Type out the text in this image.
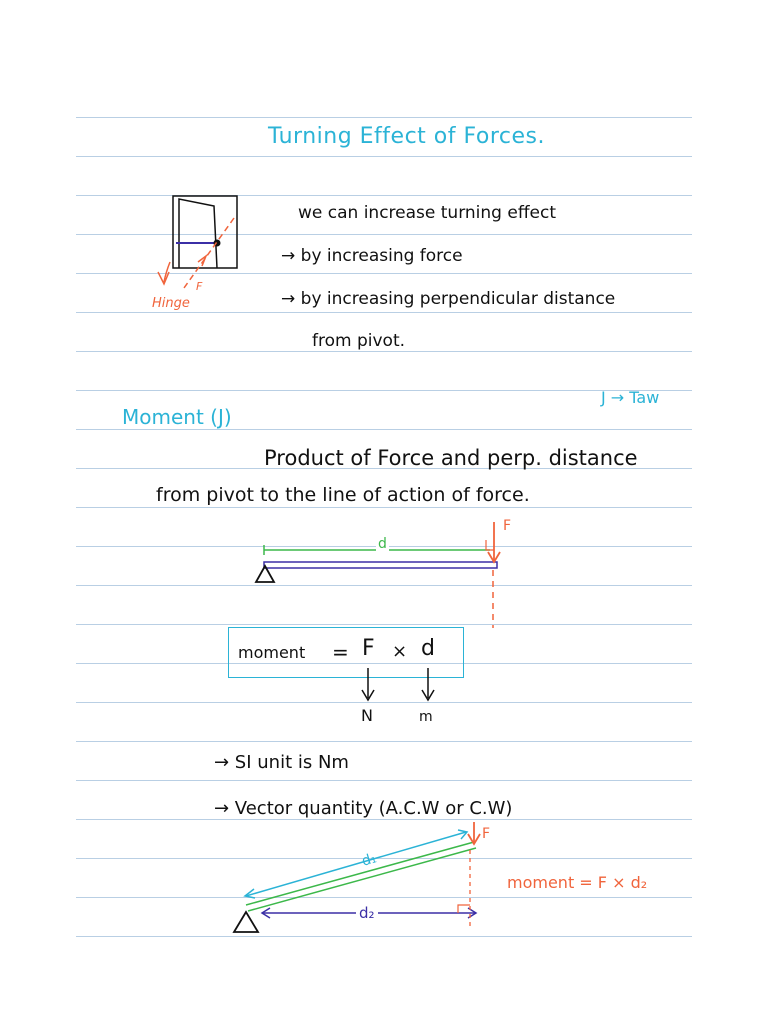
Turning Effect of Forces.
F
Hinge
we can increase turning effect
→ by increasing force
→ by increasing perpendicular distance
from pivot.
Moment (J)
J → Taw
Product of Force and perp. distance
from pivot to the line of action of force.
d
F
moment = F × d
N	m
→ SI unit is Nm
→ Vector quantity (A.C.W or C.W)
F
d₁
d₂
moment = F × d₂
